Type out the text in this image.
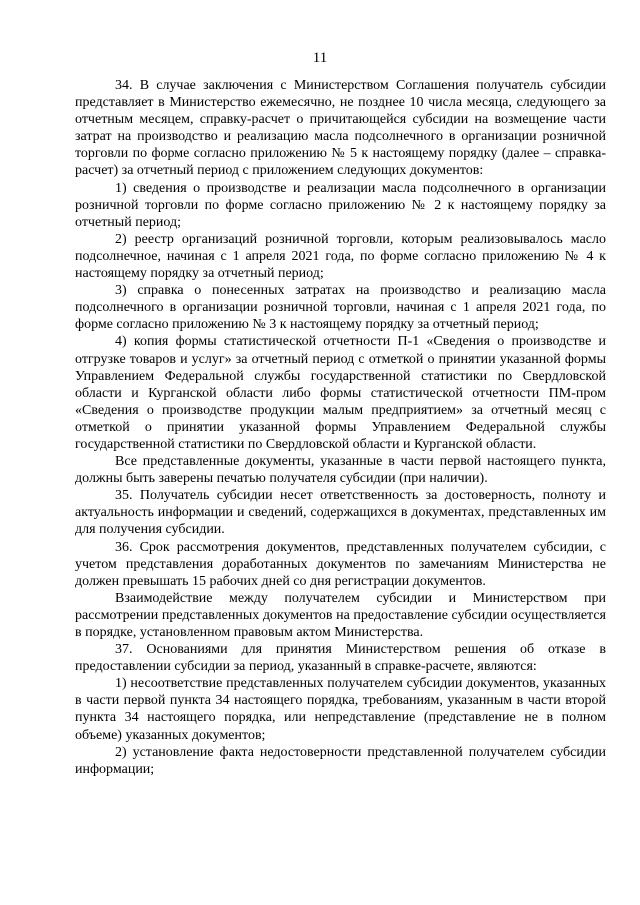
11

34. В случае заключения с Министерством Соглашения получатель субсидии представляет в Министерство ежемесячно, не позднее 10 числа месяца, следующего за отчетным месяцем, справку-расчет о причитающейся субсидии на возмещение части затрат на производство и реализацию масла подсолнечного в организации розничной торговли по форме согласно приложению № 5 к настоящему порядку (далее – справка-расчет) за отчетный период с приложением следующих документов:

1) сведения о производстве и реализации масла подсолнечного в организации розничной торговли по форме согласно приложению № 2 к настоящему порядку за отчетный период;

2) реестр организаций розничной торговли, которым реализовывалось масло подсолнечное, начиная с 1 апреля 2021 года, по форме согласно приложению № 4 к настоящему порядку за отчетный период;

3) справка о понесенных затратах на производство и реализацию масла подсолнечного в организации розничной торговли, начиная с 1 апреля 2021 года, по форме согласно приложению № 3 к настоящему порядку за отчетный период;

4) копия формы статистической отчетности П-1 «Сведения о производстве и отгрузке товаров и услуг» за отчетный период с отметкой о принятии указанной формы Управлением Федеральной службы государственной статистики по Свердловской области и Курганской области либо формы статистической отчетности ПМ-пром «Сведения о производстве продукции малым предприятием» за отчетный месяц с отметкой о принятии указанной формы Управлением Федеральной службы государственной статистики по Свердловской области и Курганской области.

Все представленные документы, указанные в части первой настоящего пункта, должны быть заверены печатью получателя субсидии (при наличии).

35. Получатель субсидии несет ответственность за достоверность, полноту и актуальность информации и сведений, содержащихся в документах, представленных им для получения субсидии.

36. Срок рассмотрения документов, представленных получателем субсидии, с учетом представления доработанных документов по замечаниям Министерства не должен превышать 15 рабочих дней со дня регистрации документов.

Взаимодействие между получателем субсидии и Министерством при рассмотрении представленных документов на предоставление субсидии осуществляется в порядке, установленном правовым актом Министерства.

37. Основаниями для принятия Министерством решения об отказе в предоставлении субсидии за период, указанный в справке-расчете, являются:

1) несоответствие представленных получателем субсидии документов, указанных в части первой пункта 34 настоящего порядка, требованиям, указанным в части второй пункта 34 настоящего порядка, или непредставление (представление не в полном объеме) указанных документов;

2) установление факта недостоверности представленной получателем субсидии информации;
